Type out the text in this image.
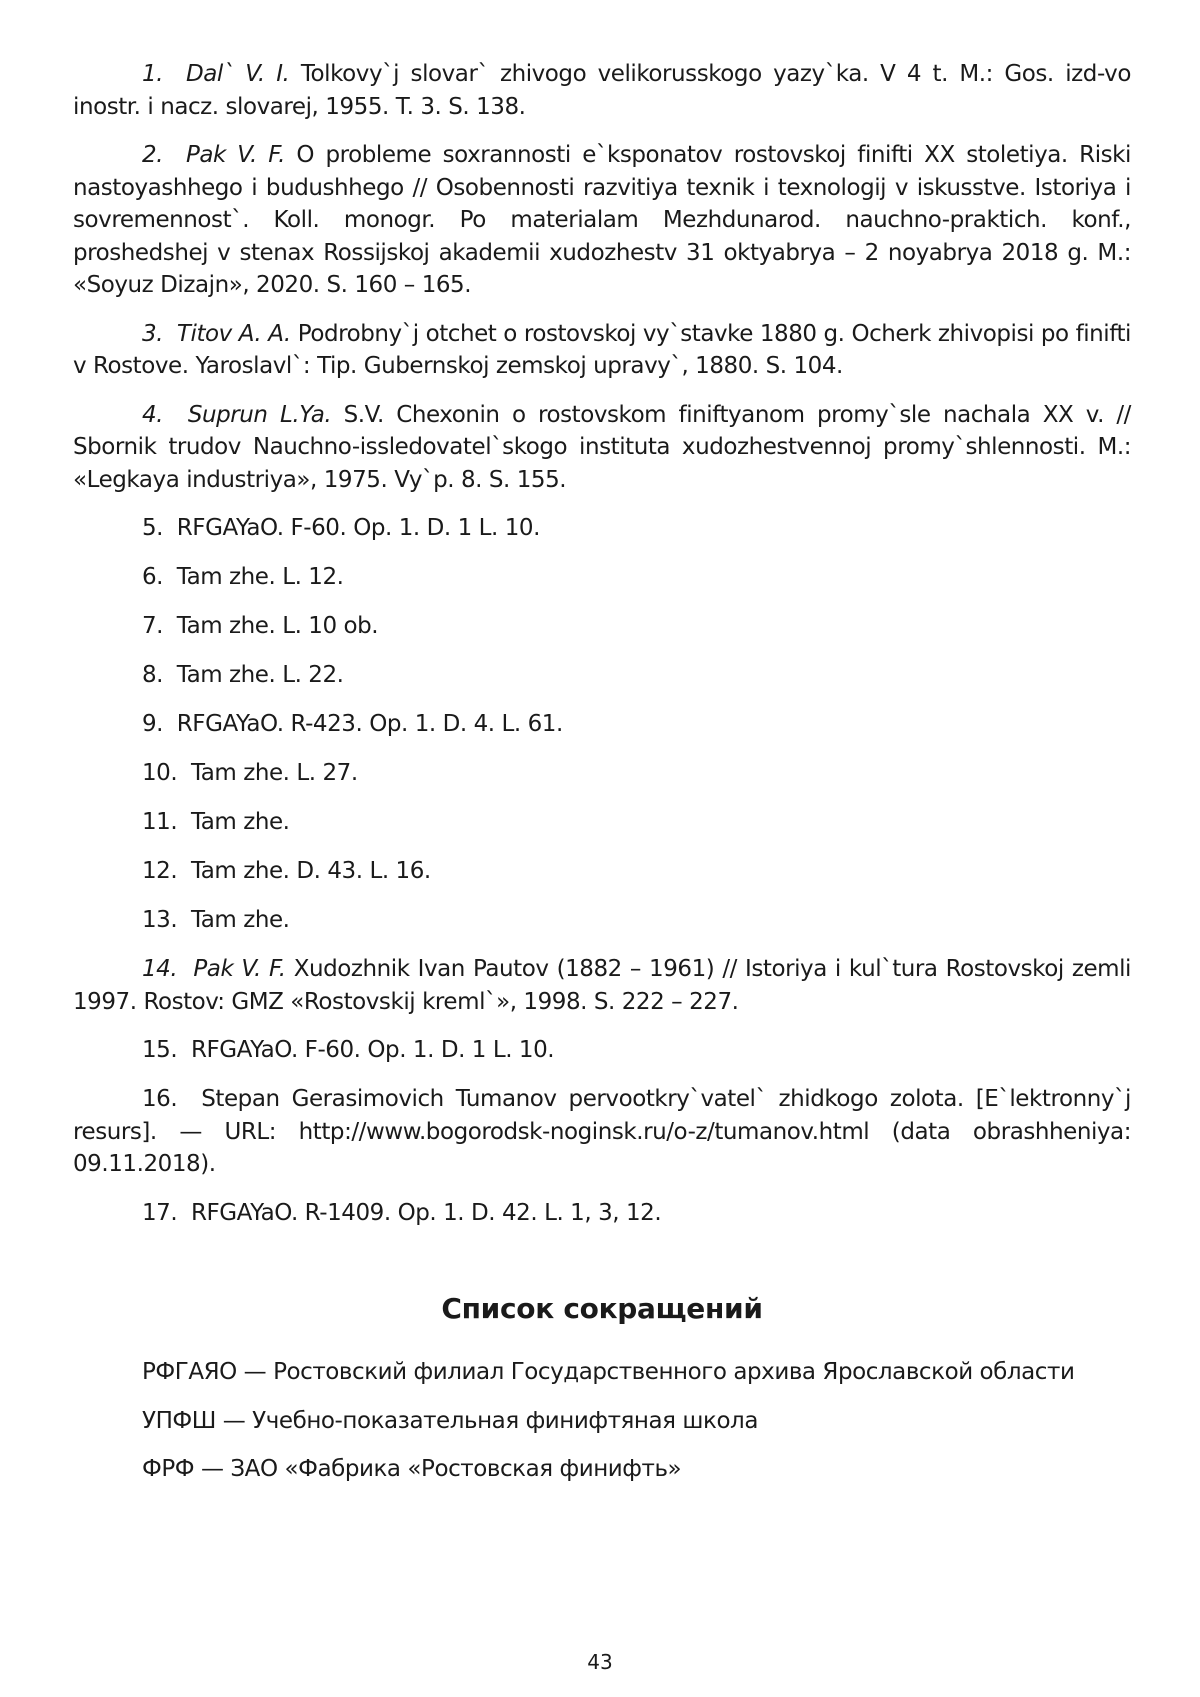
1. Dal` V. I. Tolkovy`j slovar` zhivogo velikorusskogo yazy`ka. V 4 t. M.: Gos. izd-vo inostr. i nacz. slovarej, 1955. T. 3. S. 138.

2. Pak V. F. O probleme soxrannosti e`ksponatov rostovskoj finifti XX stoletiya. Riski nastoyashhego i budushhego // Osobennosti razvitiya texnik i texnologij v iskusstve. Istoriya i sovremennost`. Koll. monogr. Po materialam Mezhdunarod. nauchno-praktich. konf., proshedshej v stenax Rossijskoj akademii xudozhestv 31 oktyabrya – 2 noyabrya 2018 g. M.: «Soyuz Dizajn», 2020. S. 160 – 165.

3. Titov A. A. Podrobny`j otchet o rostovskoj vy`stavke 1880 g. Ocherk zhivopisi po finifti v Rostove. Yaroslavl`: Tip. Gubernskoj zemskoj upravy`, 1880. S. 104.

4. Suprun L.Ya. S.V. Chexonin o rostovskom finiftyanom promy`sle nachala XX v. // Sbornik trudov Nauchno-issledovatel`skogo instituta xudozhestvennoj promy`shlennosti. M.: «Legkaya industriya», 1975. Vy`p. 8. S. 155.

5. RFGAYaO. F-60. Op. 1. D. 1 L. 10.

6. Tam zhe. L. 12.

7. Tam zhe. L. 10 ob.

8. Tam zhe. L. 22.

9. RFGAYaO. R-423. Op. 1. D. 4. L. 61.

10. Tam zhe. L. 27.

11. Tam zhe.

12. Tam zhe. D. 43. L. 16.

13. Tam zhe.

14. Pak V. F. Xudozhnik Ivan Pautov (1882 – 1961) // Istoriya i kul`tura Rostovskoj zemli 1997. Rostov: GMZ «Rostovskij kreml`», 1998. S. 222 – 227.

15. RFGAYaO. F-60. Op. 1. D. 1 L. 10.

16. Stepan Gerasimovich Tumanov pervootkry`vatel` zhidkogo zolota. [E`lektronny`j resurs]. — URL: http://www.bogorodsk-noginsk.ru/o-z/tumanov.html (data obrashheniya: 09.11.2018).

17. RFGAYaO. R-1409. Op. 1. D. 42. L. 1, 3, 12.

Список сокращений

РФГАЯО — Ростовский филиал Государственного архива Ярославской области

УПФШ — Учебно-показательная финифтяная школа

ФРФ — ЗАО «Фабрика «Ростовская финифть»

43
